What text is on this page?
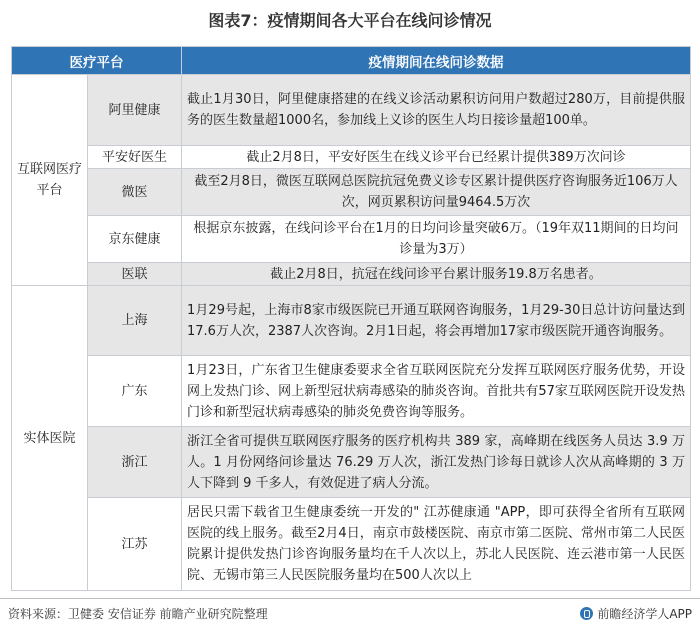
图表7：疫情期间各大平台在线问诊情况
医疗平台		疫情期间在线问诊数据
互联网医疗平台	阿里健康	截止1月30日，阿里健康搭建的在线义诊活动累积访问用户数超过280万，目前提供服务的医生数量超1000名，参加线上义诊的医生人均日接诊量超100单。
	平安好医生	截止2月8日，平安好医生在线义诊平台已经累计提供389万次问诊
	微医	截至2月8日，微医互联网总医院抗冠免费义诊专区累计提供医疗咨询服务近106万人次，网页累积访问量9464.5万次
	京东健康	根据京东披露，在线问诊平台在1月的日均问诊量突破6万。（19年双11期间的日均问诊量为3万）
	医联	截止2月8日，抗冠在线问诊平台累计服务19.8万名患者。
实体医院	上海	1月29号起，上海市8家市级医院已开通互联网咨询服务，1月29-30日总计访问量达到17.6万人次，2387人次咨询。2月1日起，将会再增加17家市级医院开通咨询服务。
	广东	1月23日，广东省卫生健康委要求全省互联网医院充分发挥互联网医疗服务优势，开设网上发热门诊、网上新型冠状病毒感染的肺炎咨询。首批共有57家互联网医院开设发热门诊和新型冠状病毒感染的肺炎免费咨询等服务。
	浙江	浙江全省可提供互联网医疗服务的医疗机构共 389 家，高峰期在线医务人员达 3.9 万人。1 月份网络问诊量达 76.29 万人次，浙江发热门诊每日就诊人次从高峰期的 3 万人下降到 9 千多人，有效促进了病人分流。
	江苏	居民只需下载省卫生健康委统一开发的" 江苏健康通 "APP，即可获得全省所有互联网医院的线上服务。截至2月4日，南京市鼓楼医院、南京市第二医院、常州市第二人民医院累计提供发热门诊咨询服务量均在千人次以上，苏北人民医院、连云港市第一人民医院、无锡市第三人民医院服务量均在500人次以上
资料来源：卫健委 安信证券 前瞻产业研究院整理	前瞻经济学人APP
